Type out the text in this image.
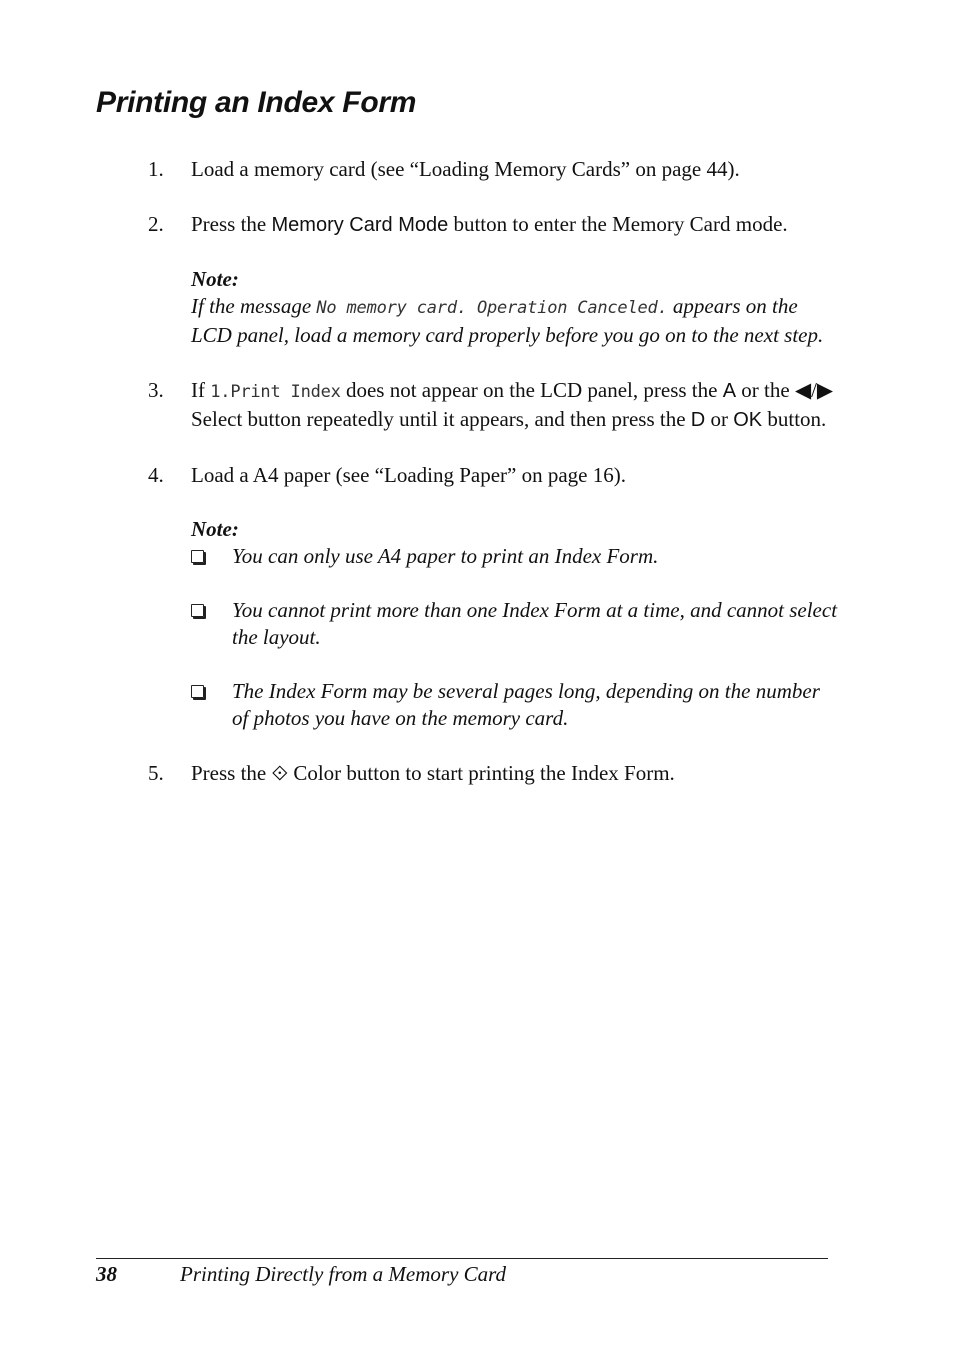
Printing an Index Form
1. Load a memory card (see “Loading Memory Cards” on page 44).
2. Press the Memory Card Mode button to enter the Memory Card mode.
Note:
If the message No memory card. Operation Canceled. appears on the LCD panel, load a memory card properly before you go on to the next step.
3. If 1.Print Index does not appear on the LCD panel, press the A or the ◀/▶ Select button repeatedly until it appears, and then press the D or OK button.
4. Load a A4 paper (see “Loading Paper” on page 16).
Note:
You can only use A4 paper to print an Index Form.
You cannot print more than one Index Form at a time, and cannot select the layout.
The Index Form may be several pages long, depending on the number of photos you have on the memory card.
5. Press the ⟐ Color button to start printing the Index Form.
38	Printing Directly from a Memory Card
